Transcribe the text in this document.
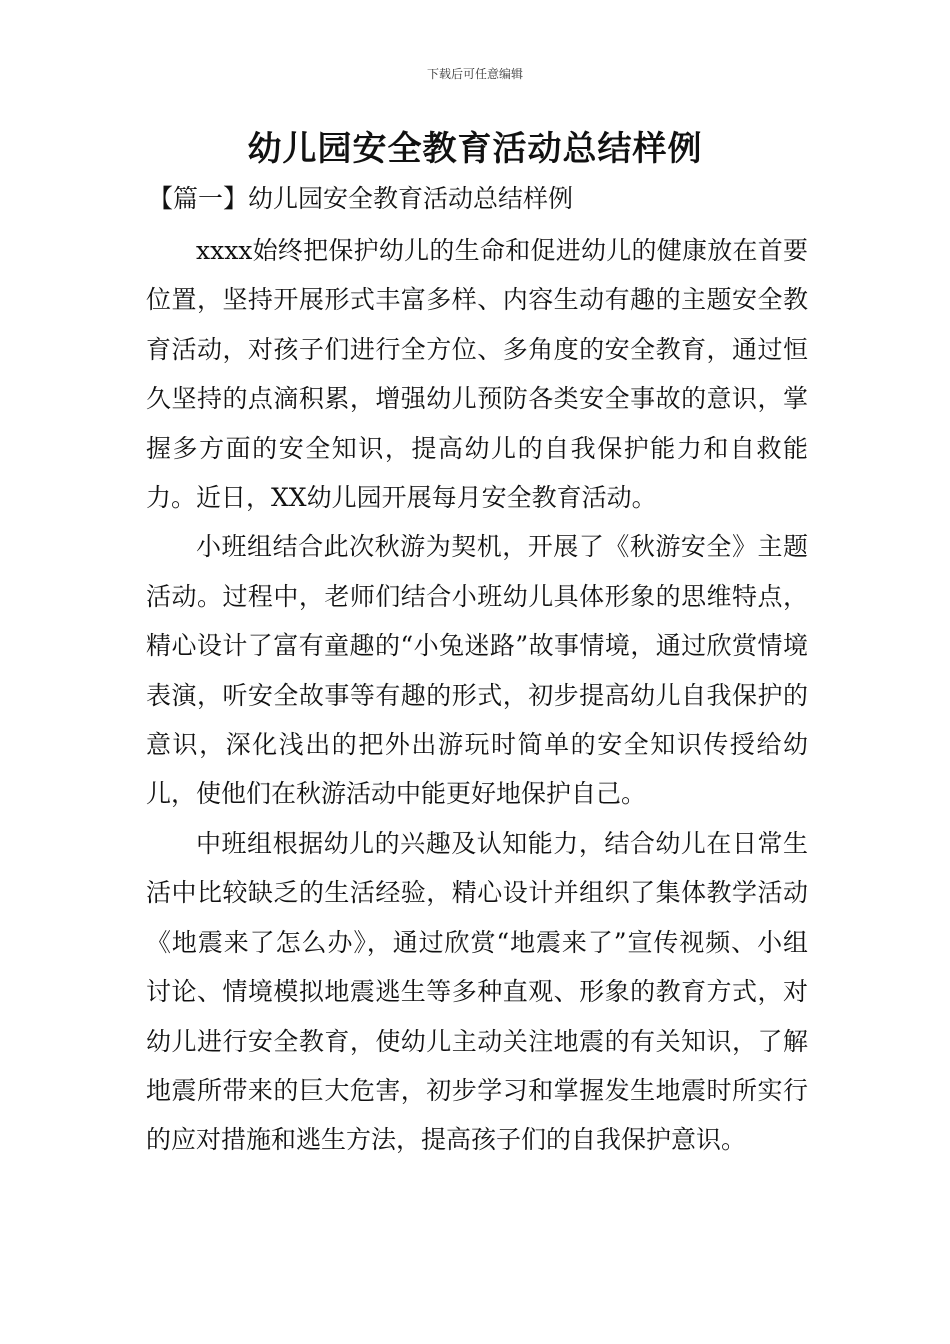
下载后可任意编辑
幼儿园安全教育活动总结样例
【篇一】幼儿园安全教育活动总结样例

xxxx始终把保护幼儿的生命和促进幼儿的健康放在首要位置，坚持开展形式丰富多样、内容生动有趣的主题安全教育活动，对孩子们进行全方位、多角度的安全教育，通过恒久坚持的点滴积累，增强幼儿预防各类安全事故的意识，掌握多方面的安全知识，提高幼儿的自我保护能力和自救能力。近日，XX幼儿园开展每月安全教育活动。

小班组结合此次秋游为契机，开展了《秋游安全》主题活动。过程中，老师们结合小班幼儿具体形象的思维特点，精心设计了富有童趣的“小兔迷路”故事情境，通过欣赏情境表演，听安全故事等有趣的形式，初步提高幼儿自我保护的意识，深化浅出的把外出游玩时简单的安全知识传授给幼儿，使他们在秋游活动中能更好地保护自己。

中班组根据幼儿的兴趣及认知能力，结合幼儿在日常生活中比较缺乏的生活经验，精心设计并组织了集体教学活动《地震来了怎么办》，通过欣赏“地震来了”宣传视频、小组讨论、情境模拟地震逃生等多种直观、形象的教育方式，对幼儿进行安全教育，使幼儿主动关注地震的有关知识，了解地震所带来的巨大危害，初步学习和掌握发生地震时所实行的应对措施和逃生方法，提高孩子们的自我保护意识。
